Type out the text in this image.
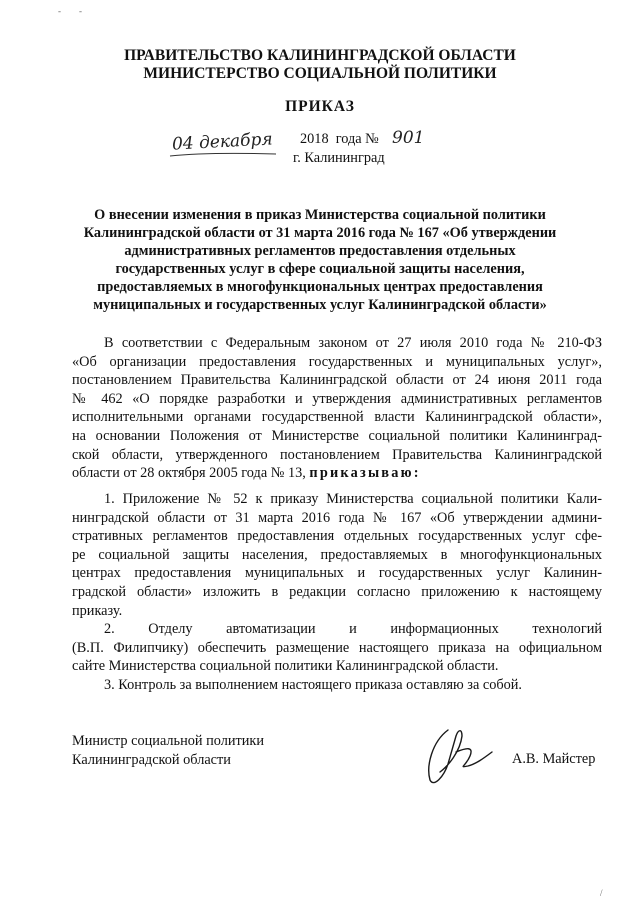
-        -
ПРАВИТЕЛЬСТВО КАЛИНИНГРАДСКОЙ ОБЛАСТИ
МИНИСТЕРСТВО СОЦИАЛЬНОЙ ПОЛИТИКИ
ПРИКАЗ
04 декабря 2018  года № 901
г. Калининград
О внесении изменения в приказ Министерства социальной политики
Калининградской области от 31 марта 2016 года № 167 «Об утверждении
административных регламентов предоставления отдельных
государственных услуг в сфере социальной защиты населения,
предоставляемых в многофункциональных центрах предоставления
муниципальных и государственных услуг Калининградской области»
В соответствии с Федеральным законом от 27 июля 2010 года № 210-ФЗ
«Об организации предоставления государственных и муниципальных услуг»,
постановлением Правительства Калининградской области от 24 июня 2011 года
№ 462 «О порядке разработки и утверждения административных регламентов
исполнительными органами государственной власти Калининградской области»,
на основании Положения от Министерстве социальной политики Калининград-
ской области, утвержденного постановлением Правительства Калининградской
области от 28 октября 2005 года № 13, приказываю:
1. Приложение № 52 к приказу Министерства социальной политики Кали-
нинградской области от 31 марта 2016 года № 167 «Об утверждении админи-
стративных регламентов предоставления отдельных государственных услуг сфе-
ре социальной защиты населения, предоставляемых в многофункциональных
центрах предоставления муниципальных и государственных услуг Калинин-
градской области» изложить в редакции согласно приложению к настоящему
приказу.
2. Отделу автоматизации и информационных технологий
(В.П. Филипчику) обеспечить размещение настоящего приказа на официальном
сайте Министерства социальной политики Калининградской области.
3. Контроль за выполнением настоящего приказа оставляю за собой.
Министр социальной политики
Калининградской области	А.В. Майстер
/
